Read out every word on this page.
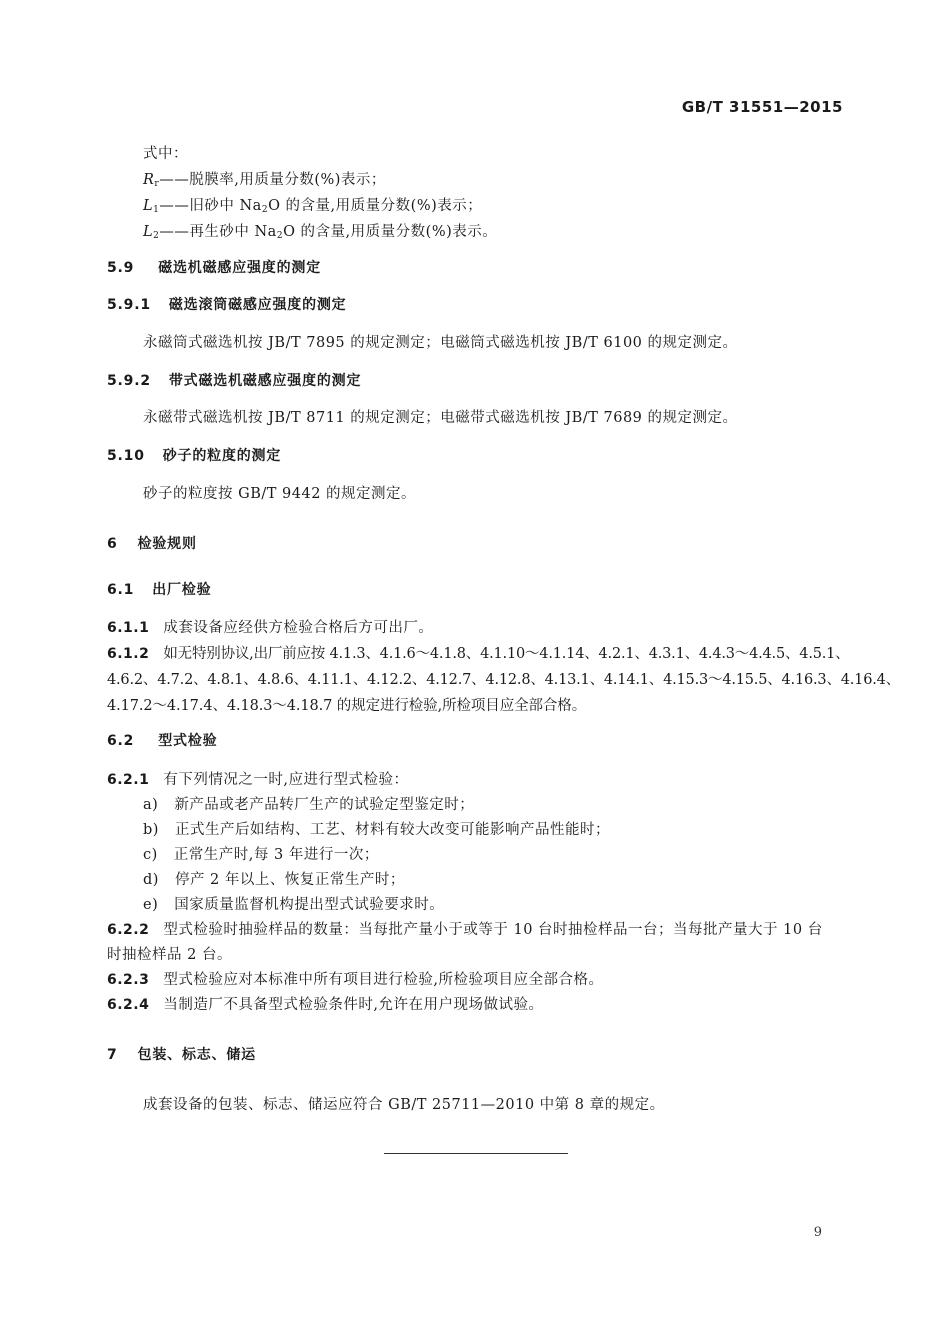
GB/T 31551—2015
式中：
$R_r——$脱膜率,用质量分数(%)表示；
$L_1——$旧砂中 $Na_2O$ 的含量,用质量分数(%)表示；
$L_2——$再生砂中 $Na_2O$ 的含量,用质量分数(%)表示。
5.9 磁选机磁感应强度的测定
5.9.1 磁选滚筒磁感应强度的测定
永磁筒式磁选机按 JB/T 7895 的规定测定；电磁筒式磁选机按 JB/T 6100 的规定测定。
5.9.2 带式磁选机磁感应强度的测定
永磁带式磁选机按 JB/T 8711 的规定测定；电磁带式磁选机按 JB/T 7689 的规定测定。
5.10 砂子的粒度的测定
砂子的粒度按 GB/T 9442 的规定测定。
6 检验规则
6.1 出厂检验
6.1.1 成套设备应经供方检验合格后方可出厂。
6.1.2 如无特别协议,出厂前应按 4.1.3、4.1.6～4.1.8、4.1.10～4.1.14、4.2.1、4.3.1、4.4.3～4.4.5、4.5.1、
4.6.2、4.7.2、4.8.1、4.8.6、4.11.1、4.12.2、4.12.7、4.12.8、4.13.1、4.14.1、4.15.3～4.15.5、4.16.3、4.16.4、
4.17.2～4.17.4、4.18.3～4.18.7 的规定进行检验,所检项目应全部合格。
6.2 型式检验
6.2.1 有下列情况之一时,应进行型式检验：
a) 新产品或老产品转厂生产的试验定型鉴定时；
b) 正式生产后如结构、工艺、材料有较大改变可能影响产品性能时；
c) 正常生产时,每 3 年进行一次；
d) 停产 2 年以上、恢复正常生产时；
e) 国家质量监督机构提出型式试验要求时。
6.2.2 型式检验时抽验样品的数量：当每批产量小于或等于 10 台时抽检样品一台；当每批产量大于 10 台
时抽检样品 2 台。
6.2.3 型式检验应对本标准中所有项目进行检验,所检验项目应全部合格。
6.2.4 当制造厂不具备型式检验条件时,允许在用户现场做试验。
7 包装、标志、储运
成套设备的包装、标志、储运应符合 GB/T 25711—2010 中第 8 章的规定。
9
